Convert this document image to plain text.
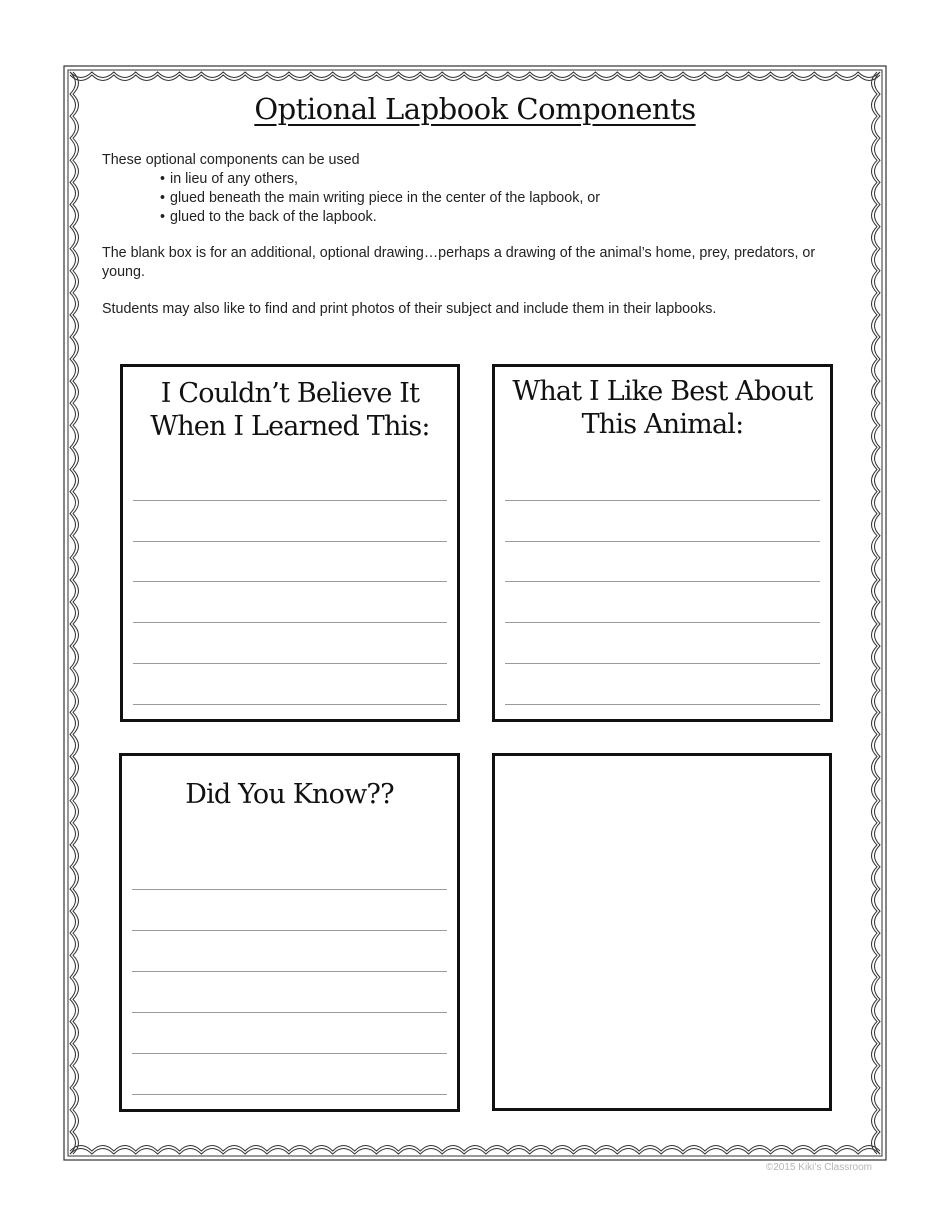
Optional Lapbook Components

These optional components can be used

• in lieu of any others,
• glued beneath the main writing piece in the center of the lapbook, or
• glued to the back of the lapbook.

The blank box is for an additional, optional drawing…perhaps a drawing of the animal’s home, prey, predators, or young.

Students may also like to find and print photos of their subject and include them in their lapbooks.

I Couldn’t Believe It
When I Learned This:
What I Like Best About
This Animal:
Did You Know??
©2015 Kiki’s Classroom
